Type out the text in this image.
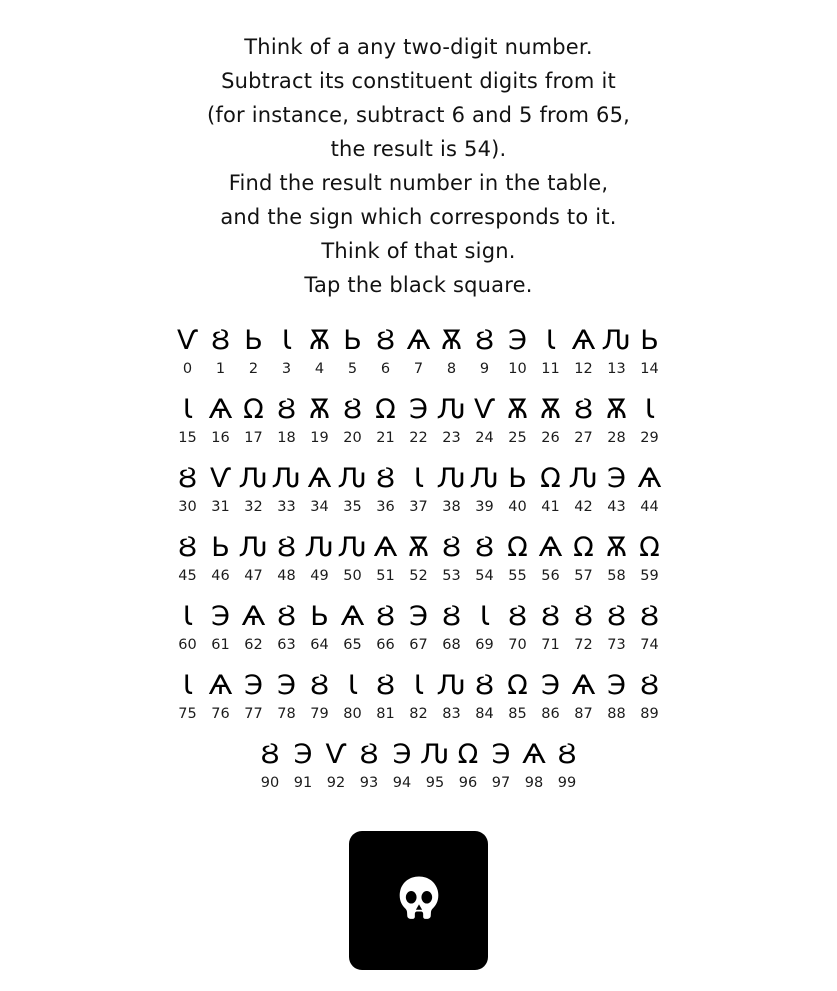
Think of a any two-digit number.
Subtract its constituent digits from it
(for instance, subtract 6 and 5 from 65,
the result is 54).
Find the result number in the table,
and the sign which corresponds to it.
Think of that sign.
Tap the black square.
Ѵ Ȣ Ь Ꙇ Ѫ Ь Ȣ Ѧ Ѫ Ȣ Э Ꙇ Ѧ Ԉ Ь
0	1	2	3	4	5	6	7	8	9	10	11	12	13	14
Ꙇ Ѧ Ω Ȣ Ѫ Ȣ Ω Э Ԉ Ѵ Ѫ Ѫ Ȣ Ѫ Ꙇ
15	16	17	18	19	20	21	22	23	24	25	26	27	28	29
Ȣ Ѵ Ԉ Ԉ Ѧ Ԉ Ȣ Ꙇ Ԉ Ԉ Ь Ω Ԉ Э Ѧ
30	31	32	33	34	35	36	37	38	39	40	41	42	43	44
Ȣ Ь Ԉ Ȣ Ԉ Ԉ Ѧ Ѫ Ȣ Ȣ Ω Ѧ Ω Ѫ Ω
45	46	47	48	49	50	51	52	53	54	55	56	57	58	59
Ꙇ Э Ѧ Ȣ Ь Ѧ Ȣ Э Ȣ Ꙇ Ȣ Ȣ Ȣ Ȣ Ȣ
60	61	62	63	64	65	66	67	68	69	70	71	72	73	74
Ꙇ Ѧ Э Э Ȣ Ꙇ Ȣ Ꙇ Ԉ Ȣ Ω Э Ѧ Э Ȣ
75	76	77	78	79	80	81	82	83	84	85	86	87	88	89
Ȣ Э Ѵ Ȣ Э Ԉ Ω Э Ѧ Ȣ
90	91	92	93	94	95	96	97	98	99
